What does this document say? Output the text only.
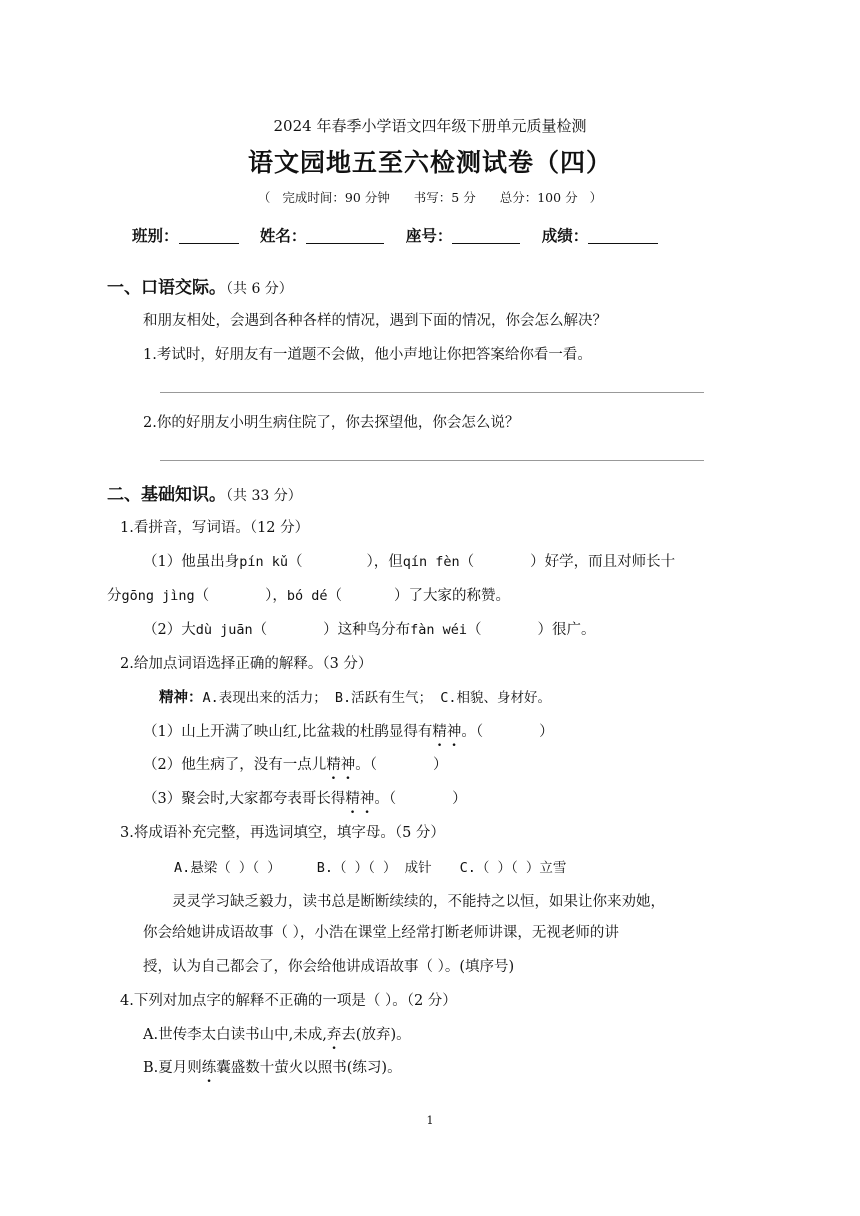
2024 年春季小学语文四年级下册单元质量检测
语文园地五至六检测试卷（四）
（ 完成时间：90 分钟 书写：5 分 总分：100 分 ）
班别：	姓名：	座号：	成绩：
一、口语交际。（共 6 分）
和朋友相处，会遇到各种各样的情况，遇到下面的情况，你会怎么解决？
1.考试时，好朋友有一道题不会做，他小声地让你把答案给你看一看。
2.你的好朋友小明生病住院了，你去探望他，你会怎么说？
二、基础知识。（共 33 分）
1.看拼音，写词语。（12 分）
（1）他虽出身pín kǔ（	），但qín fèn（	）好学，而且对师长十
分gōng jìng（	），bó dé（	）了大家的称赞。
（2）大dù juān（	）这种鸟分布fàn wéi（	）很广。
2.给加点词语选择正确的解释。（3 分）
精神：A.表现出来的活力； B.活跃有生气； C.相貌、身材好。
（1）山上开满了映山红,比盆栽的杜鹃显得有精神。（	）
（2）他生病了，没有一点儿精神。（	）
（3）聚会时,大家都夸表哥长得精神。（	）
3.将成语补充完整，再选词填空，填字母。（5 分）
A.悬梁（ ）（ ）	B.（ ）（ ） 成针 C.（ ）（ ）立雪
灵灵学习缺乏毅力，读书总是断断续续的，不能持之以恒，如果让你来劝她，
你会给她讲成语故事（ ），小浩在课堂上经常打断老师讲课，无视老师的讲
授，认为自己都会了，你会给他讲成语故事（ ）。(填序号)
4.下列对加点字的解释不正确的一项是（ ）。（2 分）
A.世传李太白读书山中,未成,弃去(放弃)。
B.夏月则练囊盛数十萤火以照书(练习)。
1
